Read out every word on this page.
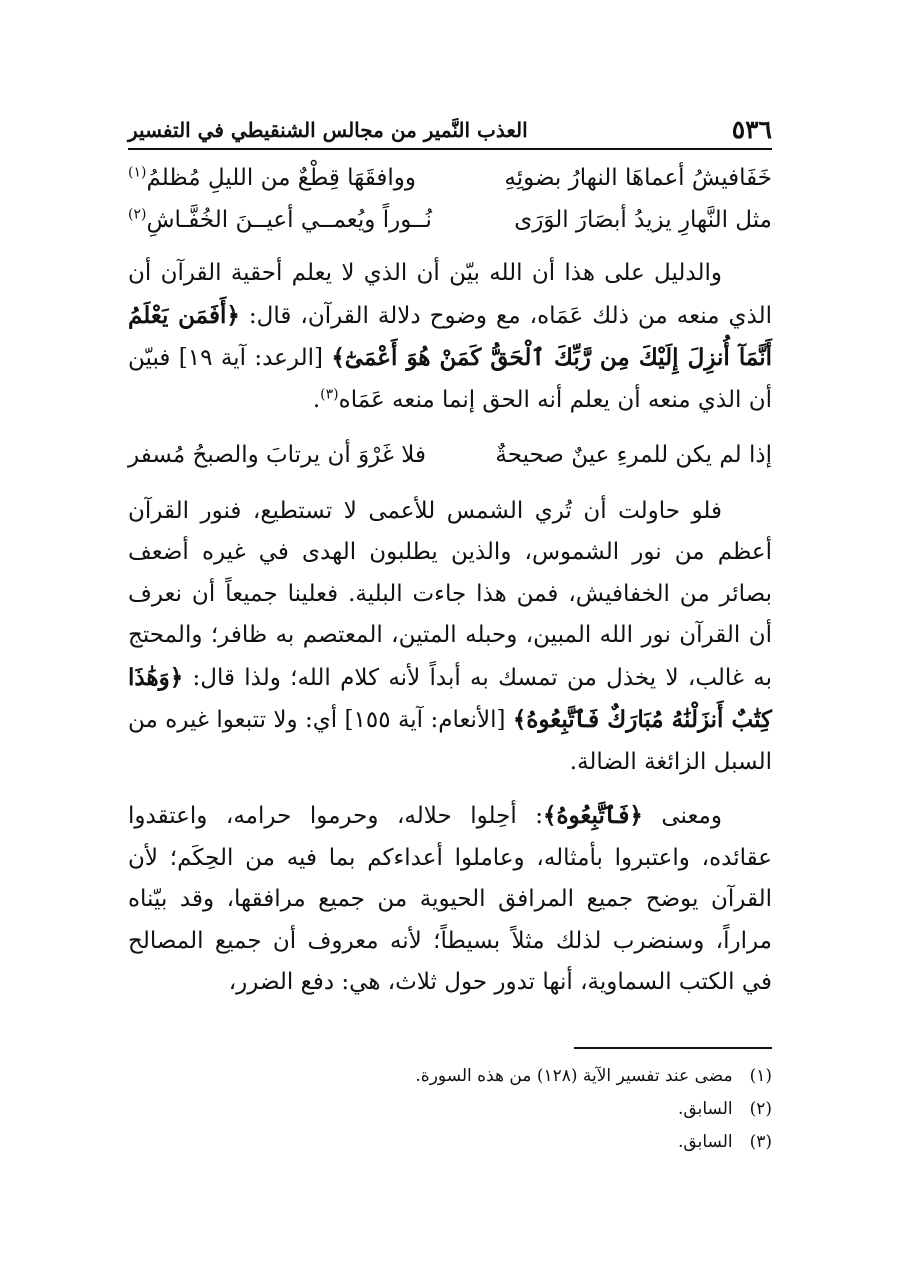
٥٣٦
العذب النَّمير من مجالس الشنقيطي في التفسير
خَفَافيشُ أعماهَا النهارُ بضوئِهِ
ووافقَهَا قِطْعٌ من الليلِ مُظلمُ$^{(١)}$
مثل النَّهارِ يزيدُ أبصَارَ الوَرَى
نُــوراً ويُعمــي أعيــنَ الخُفَّـاشِ$^{(٢)}$

والدليل على هذا أن الله بيّن أن الذي لا يعلم أحقية القرآن أن الذي منعه من ذلك عَمَاه، مع وضوح دلالة القرآن، قال: ﴿أَفَمَن يَعْلَمُ أَنَّمَآ أُنزِلَ إِلَيْكَ مِن رَّبِّكَ ٱلْحَقُّ كَمَنْ هُوَ أَعْمَىٰٓ﴾ [الرعد: آية ١٩] فبيّن أن الذي منعه أن يعلم أنه الحق إنما منعه عَمَاه$^{(٣)}$.

إذا لم يكن للمرءِ عينٌ صحيحةٌ
فلا غَرْوَ أن يرتابَ والصبحُ مُسفر

فلو حاولت أن تُري الشمس للأعمى لا تستطيع، فنور القرآن أعظم من نور الشموس، والذين يطلبون الهدى في غيره أضعف بصائر من الخفافيش، فمن هذا جاءت البلية. فعلينا جميعاً أن نعرف أن القرآن نور الله المبين، وحبله المتين، المعتصم به ظافر؛ والمحتج به غالب، لا يخذل من تمسك به أبداً لأنه كلام الله؛ ولذا قال: ﴿وَهَٰذَا كِتَٰبٌ أَنزَلْنَٰهُ مُبَارَكٌ فَٱتَّبِعُوهُ﴾ [الأنعام: آية ١٥٥] أي: ولا تتبعوا غيره من السبل الزائغة الضالة.

ومعنى ﴿فَٱتَّبِعُوهُ﴾: أحِلوا حلاله، وحرموا حرامه، واعتقدوا عقائده، واعتبروا بأمثاله، وعاملوا أعداءكم بما فيه من الحِكَم؛ لأن القرآن يوضح جميع المرافق الحيوية من جميع مرافقها، وقد بيّناه مراراً، وسنضرب لذلك مثلاً بسيطاً؛ لأنه معروف أن جميع المصالح في الكتب السماوية، أنها تدور حول ثلاث، هي: دفع الضرر،

(١) مضى عند تفسير الآية (١٢٨) من هذه السورة.
(٢) السابق.
(٣) السابق.
